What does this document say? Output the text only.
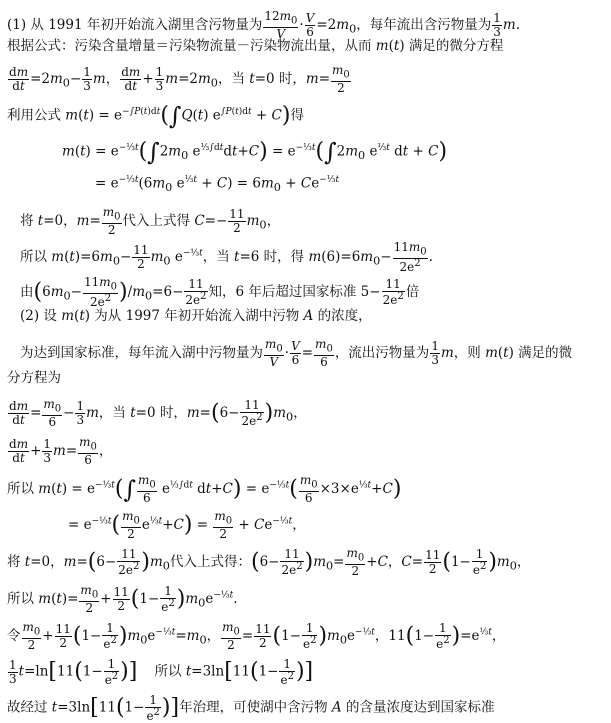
(1) 从 1991 年初开始流入湖里含污物量为 $\frac{12m_0}{V} \cdot \frac{V}{6} =2m_0$，每年流出含污物量为 $\frac{1}{3} m$.
根据公式：污染含量增量＝污染物流量－污染物流出量，从而 m(t) 满足的微分方程
$\frac{dm}{dt} =2m_0- \frac{1}{3}$ m， $\frac{dm}{dt} + \frac{1}{3} m=2m_0$，当 t=0 时，$m= \frac{m_0}{2}$
利用公式 $m(t) = e^{-\int P(t)dt}(\int Q(t) e^{\int P(t)dt} + C)$得
$m(t) = e^{-\frac{1}{3}t}(\int 2m_0$ $e^{\frac{1}{3}\int dt}dt+C) = e^{-\frac{1}{3}t}(\int 2m_0$ $e^{\frac{1}{3}t}$ dt + C)
= $e^{-\frac{1}{3}t}(6m_0$ $e^{\frac{1}{3}t} + C) = 6m_0 + Ce^{-\frac{1}{3}t}$
将 t=0，$m= \frac{m_0}{2}$ 代入上式得 $C=- \frac{11}{2} m_0$，
所以 $m(t)=6m_0- \frac{11}{2} m_0$ $e^{-\frac{1}{3}t}$，当 t=6 时，得 $m(6)=6m_0- \frac{11m_0}{2e^2}$ .
由$(6m_0- \frac{11m_0}{2e^2} )/m_0=6- \frac{11}{2e^2}$ 知，6 年后超过国家标准 $5- \frac{11}{2e^2}$ 倍
(2) 设 m(t) 为从 1997 年初开始流入湖中污物 A 的浓度，
为达到国家标准，每年流入湖中污物量为 $\frac{m_0}{V} \cdot \frac{V}{6} = \frac{m_0}{6}$ ，流出污物量为 $\frac{1}{3}$ m，则 m(t) 满足的微
分方程为
$\frac{dm}{dt} = \frac{m_0}{6} - \frac{1}{3}$ m，当 t=0 时，$m=(6- \frac{11}{2e^2} )m_0$，
$\frac{dm}{dt} + \frac{1}{3} m= \frac{m_0}{6}$ ，
所以 $m(t) = e^{-\frac{1}{3}t}(\int \frac{m_0}{6} e^{\frac{1}{3}\int dt}$ $dt+C) = e^{-\frac{1}{3}t}( \frac{m_0}{6} \times 3\times e^{\frac{1}{3}t}+C)$
= $e^{-\frac{1}{3}t}( \frac{m_0}{2} e^{\frac{1}{3}t}+C) = \frac{m_0}{2} + Ce^{-\frac{1}{3}t}$，
将 t=0，$m=(6- \frac{11}{2e^2} )m_0$代入上式得：$(6- \frac{11}{2e^2} )m_0= \frac{m_0}{2} +C$，$C= \frac{11}{2} (1- \frac{1}{e^2} )m_0$，
所以 $m(t)= \frac{m_0}{2} + \frac{11}{2} (1- \frac{1}{e^2} )m_0e^{-\frac{1}{3}t}$.
令 $\frac{m_0}{2} + \frac{11}{2} (1- \frac{1}{e^2} )m_0e^{-\frac{1}{3}t}=m_0$， $\frac{m_0}{2} = \frac{11}{2} (1- \frac{1}{e^2} )m_0e^{-\frac{1}{3}t}$，$11(1- \frac{1}{e^2} )=e^{\frac{1}{3}t}$，
$\frac{1}{3} t=\ln[11(1- \frac{1}{e^2}$ )]    所以 $t=3\ln[11(1- \frac{1}{e^2}$ )]
故经过 $t=3\ln[11(1- \frac{1}{e^2}$ )]年治理，可使湖中含污物 A 的含量浓度达到国家标准
